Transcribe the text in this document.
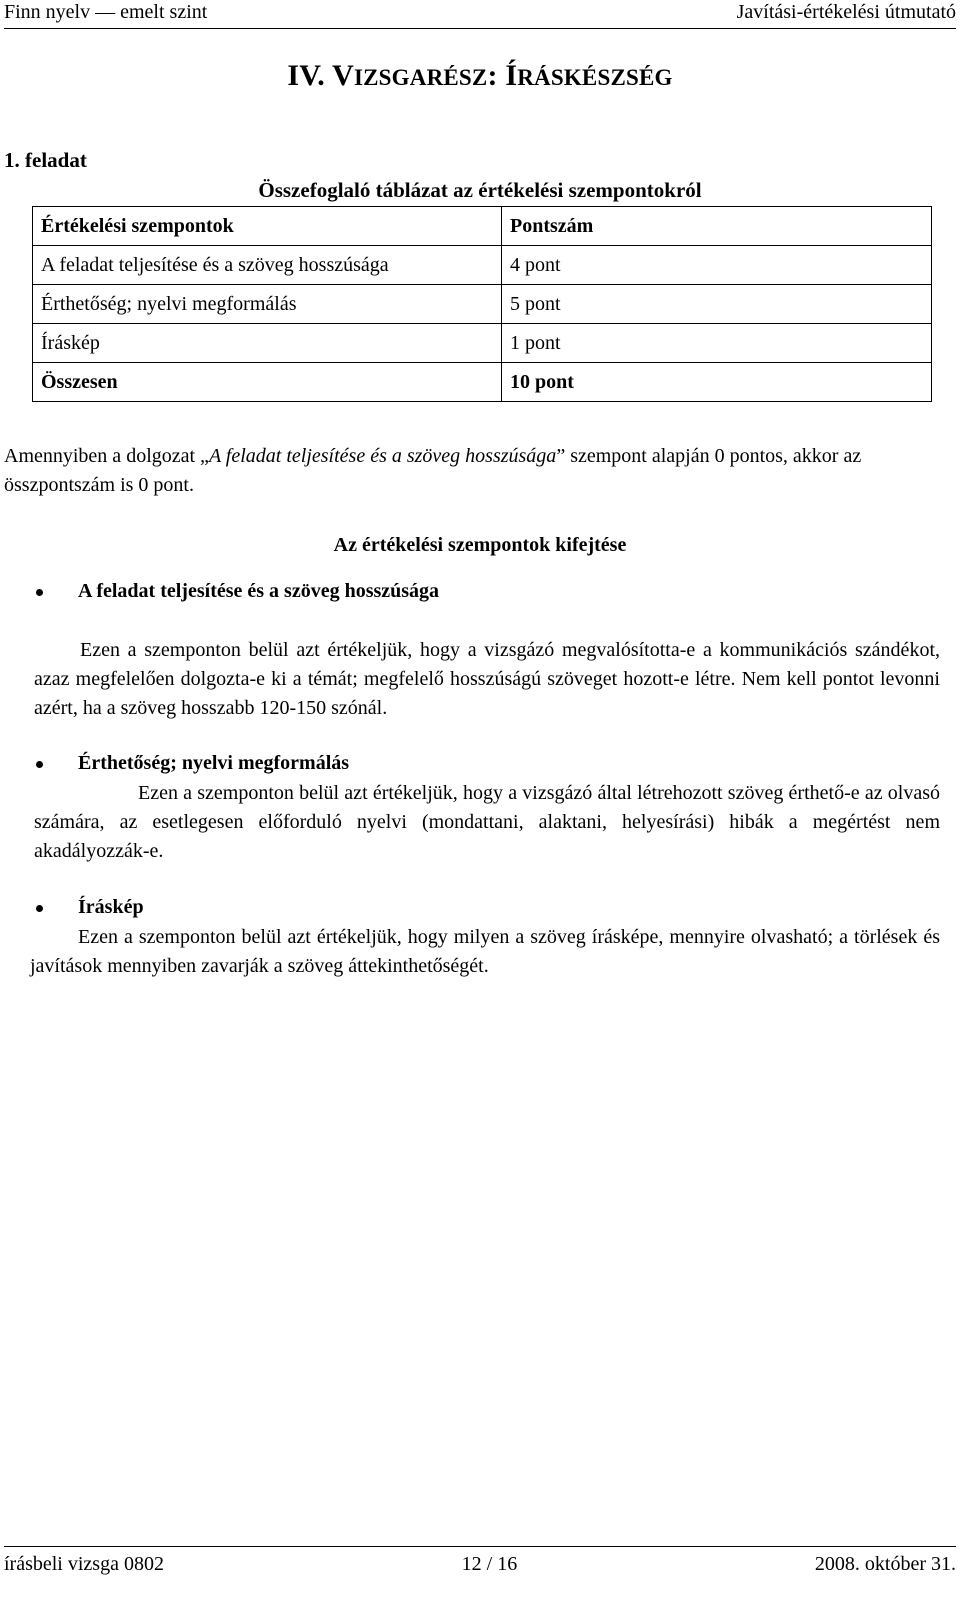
Finn nyelv — emelt szint	Javítási-értékelési útmutató
IV. VIZSGARÉSZ: ÍRÁSKÉSZSÉG
1. feladat
Összefoglaló táblázat az értékelési szempontokról
Értékelési szempontok	Pontszám
A feladat teljesítése és a szöveg hosszúsága	4 pont
Érthetőség; nyelvi megformálás	5 pont
Íráskép	1 pont
Összesen	10 pont
Amennyiben a dolgozat „A feladat teljesítése és a szöveg hosszúsága” szempont alapján 0 pontos, akkor az összpontszám is 0 pont.
Az értékelési szempontok kifejtése
A feladat teljesítése és a szöveg hosszúsága
Ezen a szemponton belül azt értékeljük, hogy a vizsgázó megvalósította-e a kommunikációs szándékot, azaz megfelelően dolgozta-e ki a témát; megfelelő hosszúságú szöveget hozott-e létre. Nem kell pontot levonni azért, ha a szöveg hosszabb 120-150 szónál.
Érthetőség; nyelvi megformálás
Ezen a szemponton belül azt értékeljük, hogy a vizsgázó által létrehozott szöveg érthető-e az olvasó számára, az esetlegesen előforduló nyelvi (mondattani, alaktani, helyesírási) hibák a megértést nem akadályozzák-e.
Íráskép
Ezen a szemponton belül azt értékeljük, hogy milyen a szöveg írásképe, mennyire olvasható; a törlések és javítások mennyiben zavarják a szöveg áttekinthetőségét.
írásbeli vizsga 0802	12 / 16	2008. október 31.
